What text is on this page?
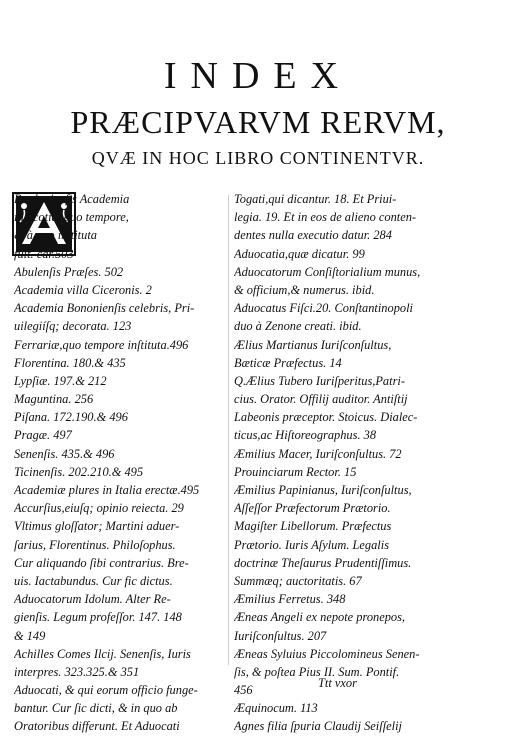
INDEX
PRÆCIPVARVM RERVM,
QVÆ IN HOC LIBRO CONTINENTVR.
Berdonienſis Academia
in Scotia, quo tempore,
& à quo inſtituta
fuit. car.503
Abulenſis Præſes. 502
Academia villa Ciceronis. 2
Academia Bononienſis celebris, Pri-
uilegiíſq; decorata. 123
Ferrariæ,quo tempore inſtituta.496
Florentina. 180.& 435
Lypſiæ. 197.& 212
Maguntina. 256
Piſana. 172.190.& 496
Pragæ. 497
Senenſis. 435.& 496
Ticinenſis. 202.210.& 495
Academiæ plures in Italia erectæ.495
Accurſius,eiuſq; opinio reiecta. 29
Vltimus gloſſator; Martini aduer-
ſarius, Florentinus. Philoſophus.
Cur aliquando ſibi contrarius. Bre-
uis. Iactabundus. Cur fic dictus.
Aduocatorum Idolum. Alter Re-
gienſis. Legum profeſſor. 147. 148
& 149
Achilles Comes Ilcij. Senenſis, Iuris
interpres. 323.325.& 351
Aduocati, & qui eorum officio funge-
bantur. Cur ſic dicti, & in quo ab
Oratoribus differunt. Et Aduocati
Togati,qui dicantur. 18. Et Priui-
legia. 19. Et in eos de alieno conten-
dentes nulla executio datur. 284
Aduocatia,quæ dicatur. 99
Aduocatorum Conſiſtorialium munus,
& officium,& numerus. ibid.
Aduocatus Fiſci.20. Conſtantinopoli
duo à Zenone creati. ibid.
Ælius Martianus Iuriſconſultus,
Bæticæ Præfectus. 14
Q.Ælius Tubero Iuriſperitus,Patri-
cius. Orator. Offilij auditor. Antiſtij
Labeonis præceptor. Stoicus. Dialec-
ticus,ac Hiſtoreographus. 38
Æmilius Macer, Iuriſconſultus. 72
Prouinciarum Rector. 15
Æmilius Papinianus, Iuriſconſultus,
Aſſeſſor Præfectorum Prætorio.
Magiſter Libellorum. Præfectus
Prætorio. Iuris Aſylum. Legalis
doctrinæ Theſaurus Prudentiſſimus.
Summæq; auctoritatis. 67
Æmilius Ferretus. 348
Æneas Angeli ex nepote pronepos,
Iuriſconſultus. 207
Æneas Syluius Piccolomineus Senen-
ſis, & poſtea Pius II. Sum. Pontif.
456
Æquinocum. 113
Agnes filia ſpuria Claudij Seiſſelij
Ttt vxor
